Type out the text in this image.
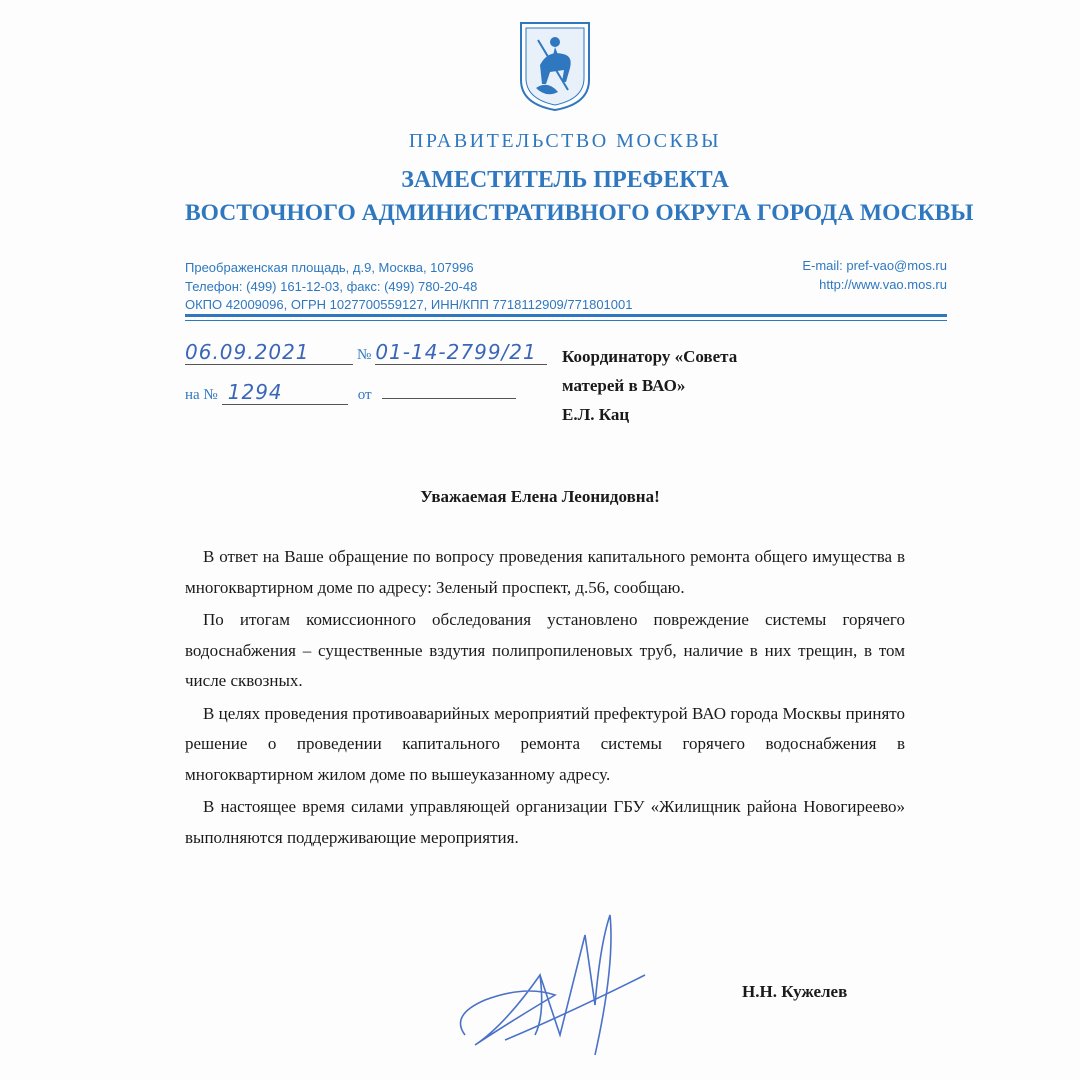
ПРАВИТЕЛЬСТВО МОСКВЫ
ЗАМЕСТИТЕЛЬ ПРЕФЕКТА
ВОСТОЧНОГО АДМИНИСТРАТИВНОГО ОКРУГА ГОРОДА МОСКВЫ
Преображенская площадь, д.9, Москва, 107996
Телефон: (499) 161-12-03, факс: (499) 780-20-48
ОКПО 42009096, ОГРН 1027700559127, ИНН/КПП 7718112909/771801001
E-mail: pref-vao@mos.ru
http://www.vao.mos.ru
06.09.2021	№ 01-14-2799/21
на № 1294	от
Координатору «Совета
матерей в ВАО»
Е.Л. Кац
Уважаемая Елена Леонидовна!

В ответ на Ваше обращение по вопросу проведения капитального ремонта общего имущества в многоквартирном доме по адресу: Зеленый проспект, д.56, сообщаю.

По итогам комиссионного обследования установлено повреждение системы горячего водоснабжения – существенные вздутия полипропиленовых труб, наличие в них трещин, в том числе сквозных.

В целях проведения противоаварийных мероприятий префектурой ВАО города Москвы принято решение о проведении капитального ремонта системы горячего водоснабжения в многоквартирном жилом доме по вышеуказанному адресу.

В настоящее время силами управляющей организации ГБУ «Жилищник района Новогиреево» выполняются поддерживающие мероприятия.

Н.Н. Кужелев
